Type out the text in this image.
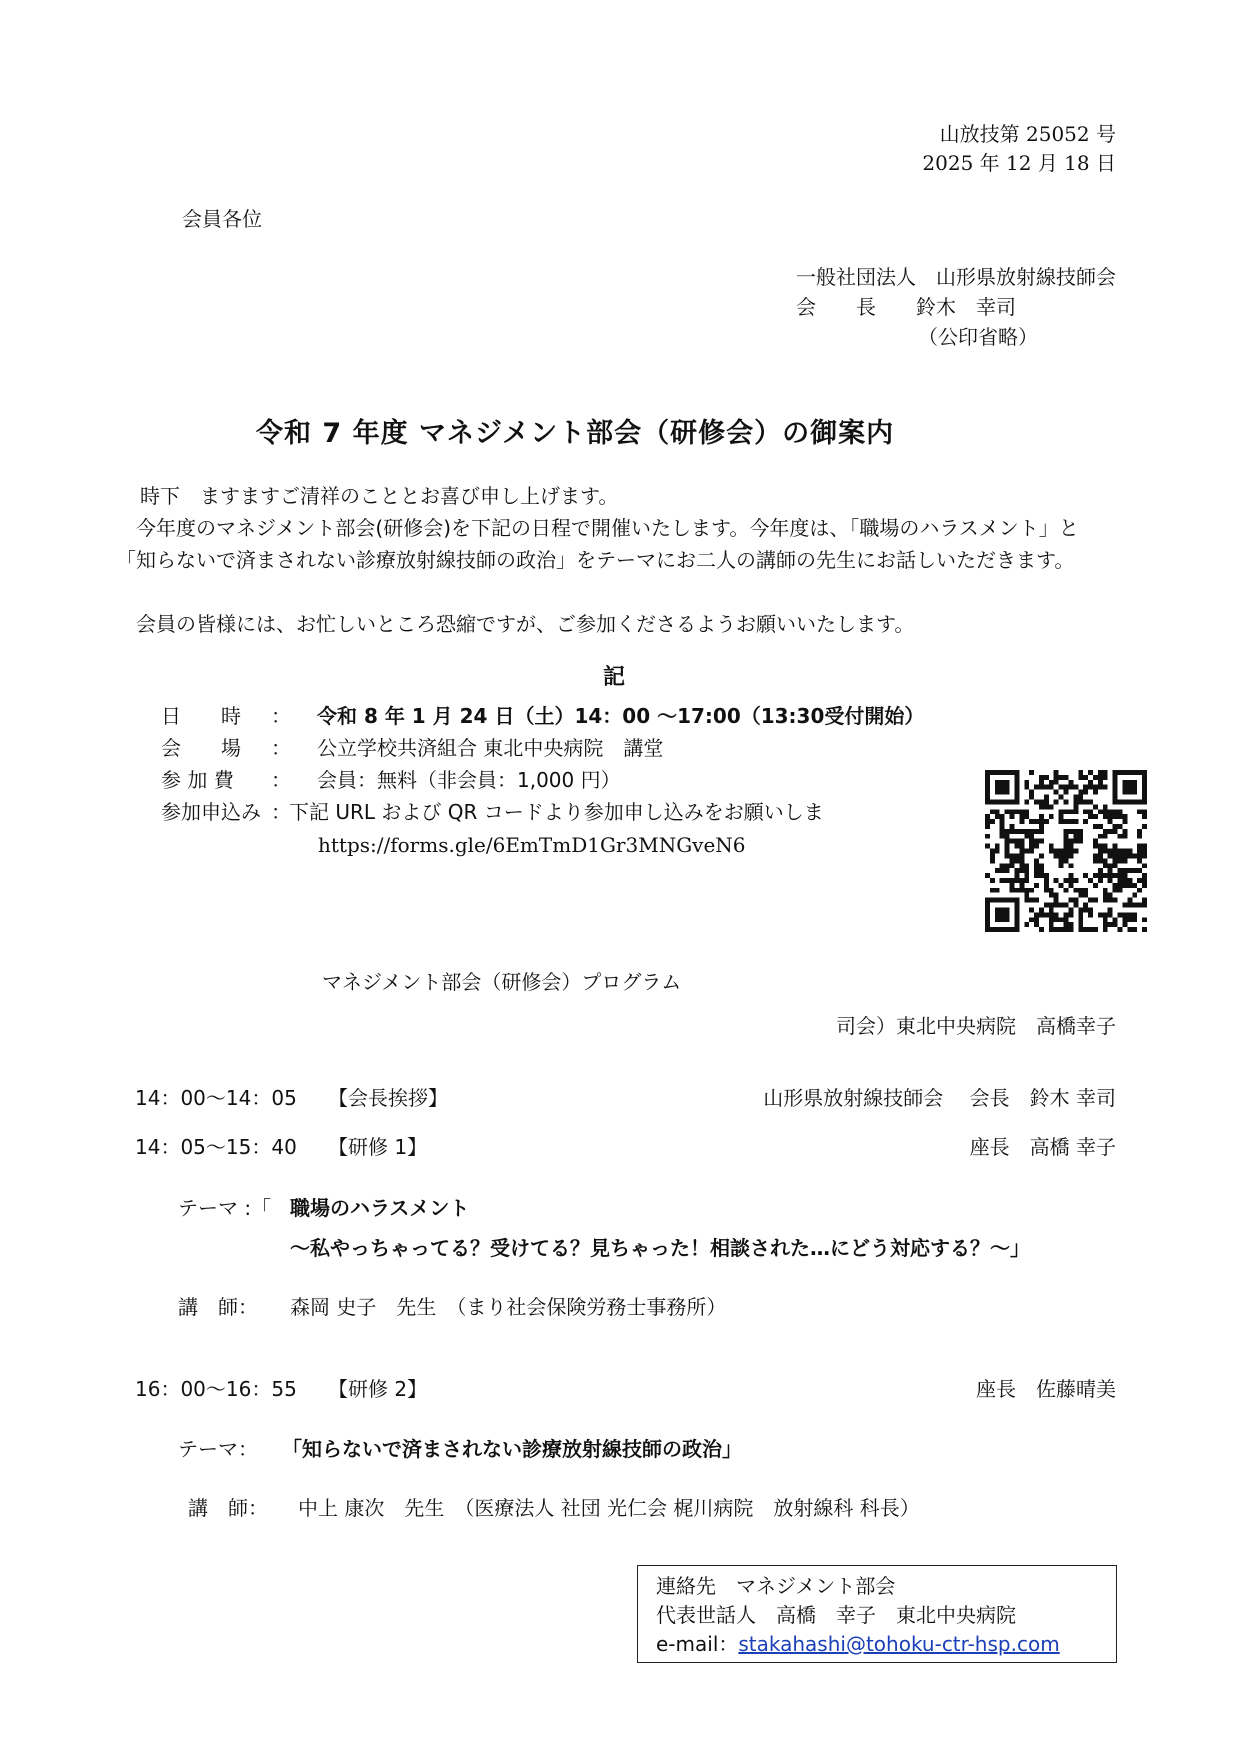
山放技第 25052 号
2025 年 12 月 18 日
会員各位
一般社団法人　山形県放射線技師会
会　　長　　鈴木　幸司
（公印省略）
令和 7 年度 マネジメント部会（研修会）の御案内
時下　ますますご清祥のこととお喜び申し上げます。
今年度のマネジメント部会(研修会)を下記の日程で開催いたします。今年度は、「職場のハラスメント」と「知らないで済まされない診療放射線技師の政治」をテーマにお二人の講師の先生にお話しいただきます。
会員の皆様には、お忙しいところ恐縮ですが、ご参加くださるようお願いいたします。
記
日　　時 ： 令和 8 年 1 月 24 日（土）14：00 ～17:00（13:30受付開始）
会　　場 ： 公立学校共済組合 東北中央病院　講堂
参 加 費 ： 会員：無料（非会員：1,000 円）
参加申込み ：
下記 URL および QR コードより参加申し込みをお願いしま
https://forms.gle/6EmTmD1Gr3MNGveN6
マネジメント部会（研修会）プログラム
司会）東北中央病院　高橋幸子
14：00～14：05 【会長挨拶】	山形県放射線技師会　 会長　鈴木 幸司
14：05～15：40 【研修 1】	座長　高橋 幸子
テーマ :「 職場のハラスメント
～私やっちゃってる？受けてる？見ちゃった！相談された…にどう対応する？～」
講　師： 森岡 史子　先生　（まり社会保険労務士事務所）
16：00～16：55 【研修 2】	座長　佐藤晴美
テーマ： 「知らないで済まされない診療放射線技師の政治」
講　師： 中上 康次　先生　（医療法人 社団 光仁会 梶川病院　放射線科 科長）
連絡先　マネジメント部会
代表世話人　高橋　幸子　東北中央病院
e-mail：stakahashi@tohoku-ctr-hsp.com
